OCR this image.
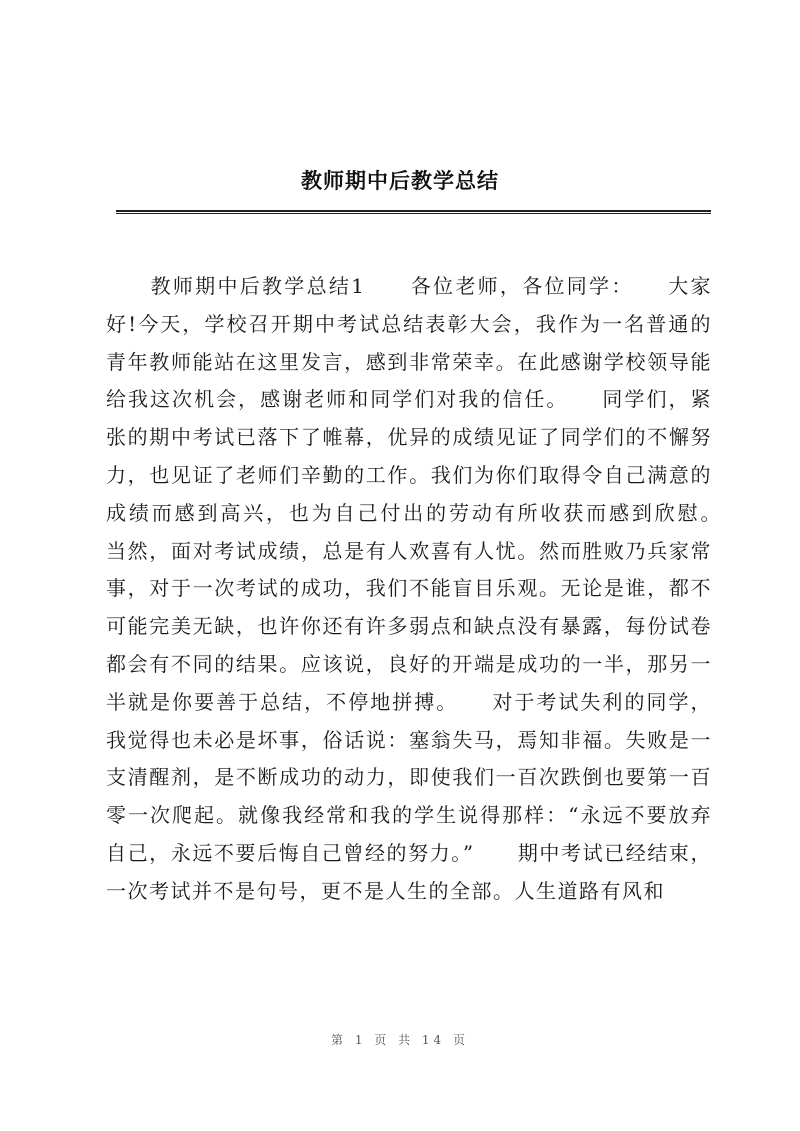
教师期中后教学总结

　　教师期中后教学总结1　　各位老师，各位同学：　　大家好!今天，学校召开期中考试总结表彰大会，我作为一名普通的青年教师能站在这里发言，感到非常荣幸。在此感谢学校领导能给我这次机会，感谢老师和同学们对我的信任。　　同学们，紧张的期中考试已落下了帷幕，优异的成绩见证了同学们的不懈努力，也见证了老师们辛勤的工作。我们为你们取得令自己满意的成绩而感到高兴，也为自己付出的劳动有所收获而感到欣慰。　　当然，面对考试成绩，总是有人欢喜有人忧。然而胜败乃兵家常事，对于一次考试的成功，我们不能盲目乐观。无论是谁，都不可能完美无缺，也许你还有许多弱点和缺点没有暴露，每份试卷都会有不同的结果。应该说，良好的开端是成功的一半，那另一半就是你要善于总结，不停地拼搏。　　对于考试失利的同学，我觉得也未必是坏事，俗话说：塞翁失马，焉知非福。失败是一支清醒剂，是不断成功的动力，即使我们一百次跌倒也要第一百零一次爬起。就像我经常和我的学生说得那样：“永远不要放弃自己，永远不要后悔自己曾经的努力。”　　期中考试已经结束，一次考试并不是句号，更不是人生的全部。人生道路有风和

第 1 页 共 14 页
